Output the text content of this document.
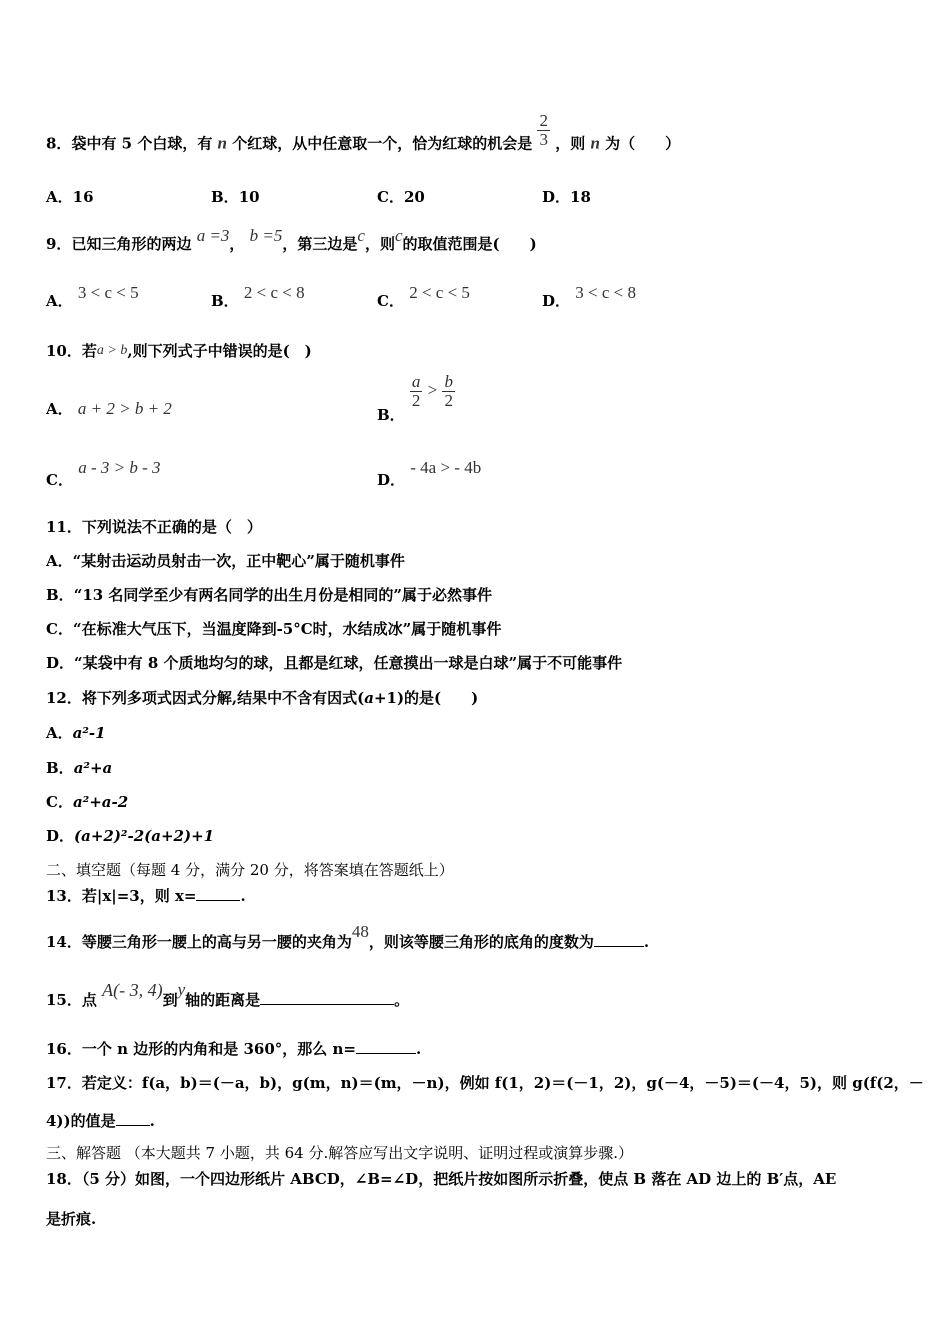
8．袋中有 5 个白球，有 n 个红球，从中任意取一个，恰为红球的机会是 $\frac{2}{3}$ ，则 n 为（　　）
A．16	B．10	C．20	D．18
9．已知三角形的两边 a =3， b =5，第三边是c，则c的取值范围是(　　)
A． 3 < c < 5	B． 2 < c < 8	C． 2 < c < 5	D． 3 < c < 8
10．若a > b,则下列式子中错误的是(　)
A． a + 2 > b + 2	B．
$\frac{a}{2} > \frac{b}{2}$
C． a - 3 > b - 3
D． - 4a > - 4b
11．下列说法不正确的是（　）
A．“某射击运动员射击一次，正中靶心”属于随机事件
B．“13 名同学至少有两名同学的出生月份是相同的”属于必然事件
C．“在标准大气压下，当温度降到-5°C时，水结成冰”属于随机事件
D．“某袋中有 8 个质地均匀的球，且都是红球，任意摸出一球是白球”属于不可能事件
12．将下列多项式因式分解,结果中不含有因式(a+1)的是(　　)
A．a²-1
B．a²+a
C．a²+a-2
D．(a+2)²-2(a+2)+1
二、填空题（每题 4 分，满分 20 分，将答案填在答题纸上）
13．若|x|=3，则 x=	.
14．等腰三角形一腰上的高与另一腰的夹角为48，则该等腰三角形的底角的度数为	.
15．点 A(- 3, 4)到y轴的距离是	。
16．一个 n 边形的内角和是 360°，那么 n=	.
17．若定义：f(a，b)＝(－a，b)，g(m，n)＝(m，－n)，例如 f(1，2)＝(－1，2)，g(－4，－5)＝(－4，5)，则 g(f(2，－
4))的值是 .
三、解答题 （本大题共 7 小题，共 64 分.解答应写出文字说明、证明过程或演算步骤.）
18．（5 分）如图，一个四边形纸片 ABCD，∠B=∠D，把纸片按如图所示折叠，使点 B 落在 AD 边上的 B′点，AE
是折痕.
